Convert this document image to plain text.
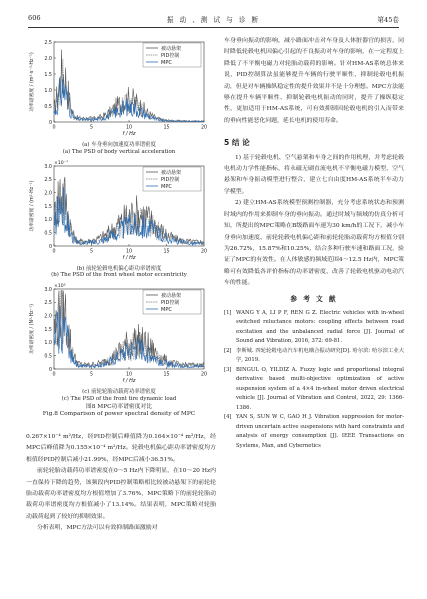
606	振 动 、测 试 与 诊 断	第45卷
0
0.5
1.0
1.5
2.0
2.5
0	5	10	15	20
f / Hz
功率谱密度 / (m²·s⁻³·Hz⁻¹)
被动悬架
PID控制
MPC
(a) 车身垂向加速度功率谱密度
(a) The PSD of body vertical acceleration
0
0.5
1.0
1.5
2.0
2.5
3.0
0	5	10	15	20
f / Hz
功率谱密度 / (m²·Hz⁻¹)
×10⁻⁷
被动悬架
PID控制
MPC
(b) 前轮轮毂电机偏心距功率谱密度
(b) The PSD of the front wheel motor eccentricity
0
0.5
1.0
1.5
2.0
2.5
3.0
0	5	10	15	20
f / Hz
功率谱密度 / (N²·Hz⁻¹)
×10⁵
被动悬架
PID控制
MPC
(c) 前轮轮胎动载荷功率谱密度
(c) The PSD of the front tire dynamic load
图8 MPC功率谱密度对比
Fig.8 Comparison of power spectral density of MPC

0.267×10⁻⁴ m²/Hz，经PID控制后峰值降为0.164×10⁻⁴ m²/Hz，经MPC后峰值降为0.155×10⁻⁴ m²/Hz。轮毂电机偏心距功率谱密度均方根值经PID控制后减小21.99%，经MPC后减小36.51%。

前轮轮胎动载荷功率谱密度在0～5 Hz内下降明显，在10～20 Hz内一直保持下降的趋势，该频段内PID控制策略相比较被动悬架下的前轮轮胎动载荷功率谱密度均方根值增加了3.76%，MPC策略下的前轮轮胎动载荷功率谱密度均方根值减小了13.14%。结果表明，MPC策略对轮胎动载荷起到了较好的抑制效果。

分析表明，MPC方法可以有效抑制路面激励对

车身垂向振动的影响，减小路面冲击对车身及人体脏器官的损害，同时降低轮毂电机因偏心引起的不良振动对车身的影响，在一定程度上降低了不平衡电磁力对轮胎动载荷的影响。针对HM-AS系统总体来说，PID控制算法虽能够提升车辆的行驶平顺性，抑制轮毂电机振动，但是对车辆操纵稳定性的提升效果并不是十分理想。MPC方法能够在提升车辆平顺性、抑制轮毂电机振动的同时，提升了操纵稳定性，更加适用于HM-AS系统，可有效抑制因轮毂电机的引入而带来的垂向性能恶化问题，延长电机的使用寿命。

5 结 论

1) 基于轮毂电机、空气悬架和车身之间的作用机理，并考虑轮毂电机动力学性能指标，将永磁无刷直流电机不平衡电磁力模型、空气悬架和车身振动模型进行整合，建立七自由度HM-AS系统半车动力学模型。

2) 建立HM-AS系统模型预测控制器，充分考虑系统状态和预测时域内的作用来抑制车身的垂向振动。通过时域与频域的仿真分析可知，所提出的MPC策略在B级路面车速为30 km/h的工况下，减小车身垂向加速度、前轮轮毂电机偏心距和前轮轮胎动载荷均方根值分别为26.72%，15.87%和10.25%，结合多种行驶车速和路面工况，验证了MPC的有效性。在人体敏感的频域范围4～12.5 Hz内，MPC策略可有效降低各评价指标的功率谱密度，改善了轮毂电机驱动电动汽车的性能。

参 考 文 献
[1] WANG Y A, LI P F, REN G Z. Electric vehicles with in-wheel switched reluctance motors: coupling effects between road excitation and the unbalanced radial force [J]. Journal of Sound and Vibration, 2016, 372: 69-81.
[2] 李斯城. 四轮轮毂电动汽车机电耦合振动研究[D]. 哈尔滨: 哈尔滨工业大学, 2019.
[3] BINGUL O, YILDIZ A. Fuzzy logic and proportional integral derivative based multi-objective optimization of active suspension system of a 4×4 in-wheel motor driven electrical vehicle [J]. Journal of Vibration and Control, 2022, 29: 1366-1386.
[4] YAN S, SUN W C, GAO H J. Vibration suppression for motor-driven uncertain active suspensions with hard constraints and analysis of energy consumption [J]. IEEE Transactions on Systems, Man, and Cybernetics
